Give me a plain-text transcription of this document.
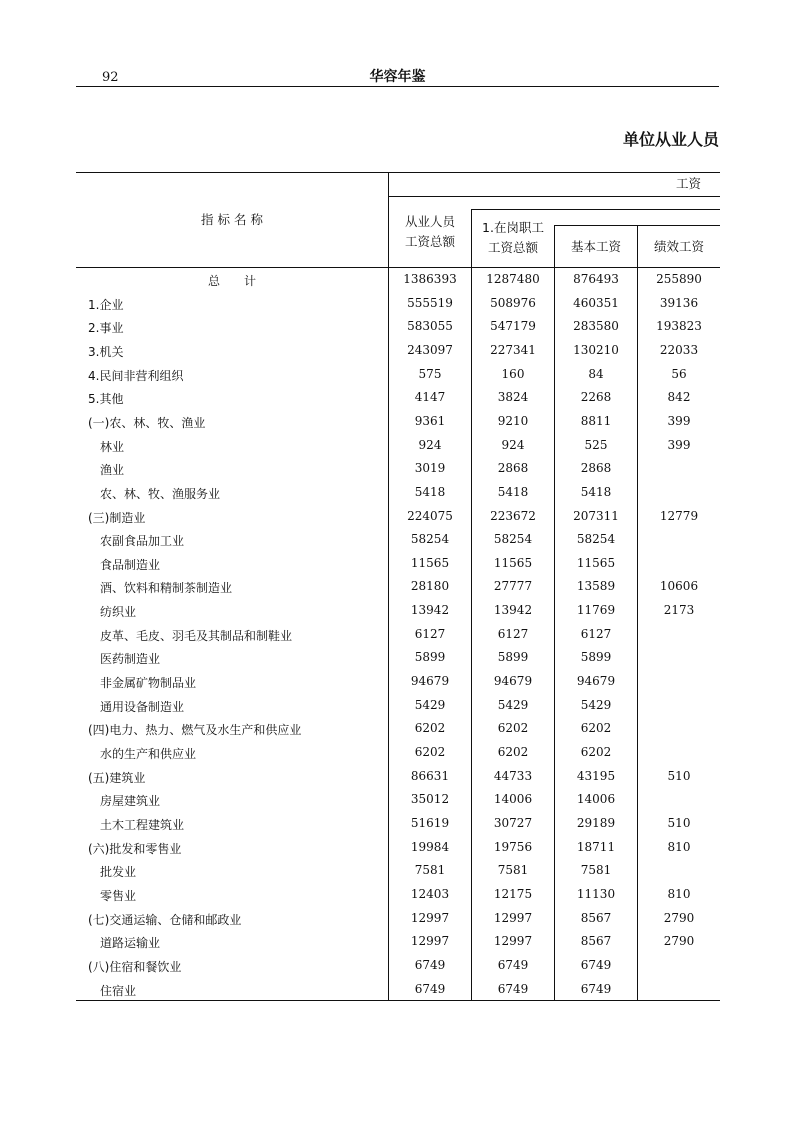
92	华容年鉴
单位从业人员
指 标 名 称
工资
从业人员
工资总额
1.在岗职工
工资总额	基本工资	绩效工资
总　　计	1386393	1287480	876493	255890
1.企业	555519	508976	460351	39136
2.事业	583055	547179	283580	193823
3.机关	243097	227341	130210	22033
4.民间非营利组织	575	160	84	56
5.其他	4147	3824	2268	842
(一)农、林、牧、渔业	9361	9210	8811	399
林业	924	924	525	399
渔业	3019	2868	2868
农、林、牧、渔服务业	5418	5418	5418
(三)制造业	224075	223672	207311	12779
农副食品加工业	58254	58254	58254
食品制造业	11565	11565	11565
酒、饮料和精制茶制造业	28180	27777	13589	10606
纺织业	13942	13942	11769	2173
皮革、毛皮、羽毛及其制品和制鞋业	6127	6127	6127
医药制造业	5899	5899	5899
非金属矿物制品业	94679	94679	94679
通用设备制造业	5429	5429	5429
(四)电力、热力、燃气及水生产和供应业	6202	6202	6202
水的生产和供应业	6202	6202	6202
(五)建筑业	86631	44733	43195	510
房屋建筑业	35012	14006	14006
土木工程建筑业	51619	30727	29189	510
(六)批发和零售业	19984	19756	18711	810
批发业	7581	7581	7581
零售业	12403	12175	11130	810
(七)交通运输、仓储和邮政业	12997	12997	8567	2790
道路运输业	12997	12997	8567	2790
(八)住宿和餐饮业	6749	6749	6749
住宿业	6749	6749	6749
